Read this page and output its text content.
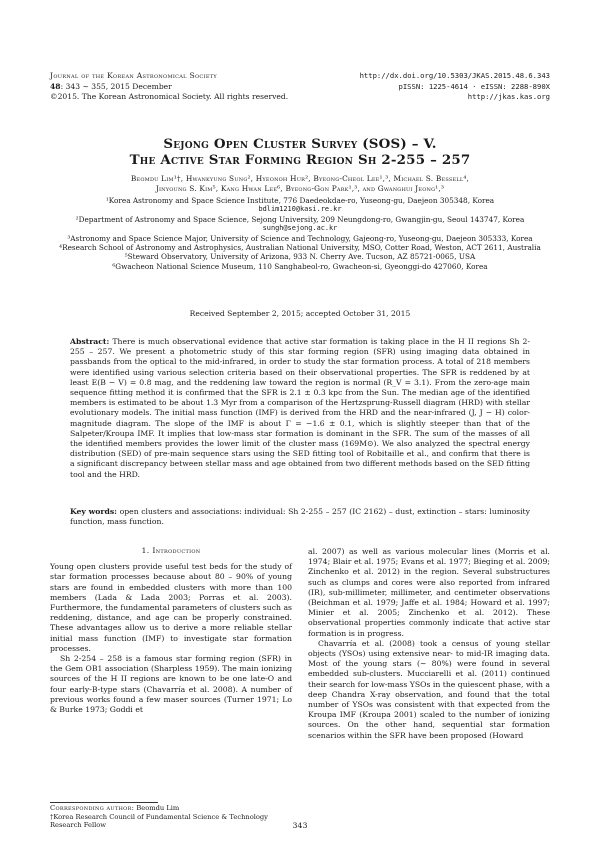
Journal of the Korean Astronomical Society
48: 343 ∼ 355, 2015 December
©2015. The Korean Astronomical Society. All rights reserved.
http://dx.doi.org/10.5303/JKAS.2015.48.6.343
pISSN: 1225-4614 · eISSN: 2288-890X
http://jkas.kas.org
Sejong Open Cluster Survey (SOS) – V.
The Active Star Forming Region Sh 2-255 – 257
Beomdu Lim¹†, Hwankyung Sung², Hyeonoh Hur², Byeong-Cheol Lee¹,³, Michael S. Bessell⁴,
Jinyoung S. Kim⁵, Kang Hwan Lee⁶, Byeong-Gon Park¹,³, and Gwanghui Jeong¹,³
¹Korea Astronomy and Space Science Institute, 776 Daedeokdae-ro, Yuseong-gu, Daejeon 305348, Korea
bdlim1210@kasi.re.kr
²Department of Astronomy and Space Science, Sejong University, 209 Neungdong-ro, Gwangjin-gu, Seoul 143747, Korea
sungh@sejong.ac.kr
³Astronomy and Space Science Major, University of Science and Technology, Gajeong-ro, Yuseong-gu, Daejeon 305333, Korea
⁴Research School of Astronomy and Astrophysics, Australian National University, MSO, Cotter Road, Weston, ACT 2611, Australia
⁵Steward Observatory, University of Arizona, 933 N. Cherry Ave. Tucson, AZ 85721-0065, USA
⁶Gwacheon National Science Museum, 110 Sanghabeol-ro, Gwacheon-si, Gyeonggi-do 427060, Korea
Received September 2, 2015; accepted October 31, 2015
Abstract: There is much observational evidence that active star formation is taking place in the H II regions Sh 2-255 – 257. We present a photometric study of this star forming region (SFR) using imaging data obtained in passbands from the optical to the mid-infrared, in order to study the star formation process. A total of 218 members were identified using various selection criteria based on their observational properties. The SFR is reddened by at least E(B − V) = 0.8 mag, and the reddening law toward the region is normal (R_V = 3.1). From the zero-age main sequence fitting method it is confirmed that the SFR is 2.1 ± 0.3 kpc from the Sun. The median age of the identified members is estimated to be about 1.3 Myr from a comparison of the Hertzsprung-Russell diagram (HRD) with stellar evolutionary models. The initial mass function (IMF) is derived from the HRD and the near-infrared (J, J − H) color-magnitude diagram. The slope of the IMF is about Γ = −1.6 ± 0.1, which is slightly steeper than that of the Salpeter/Kroupa IMF. It implies that low-mass star formation is dominant in the SFR. The sum of the masses of all the identified members provides the lower limit of the cluster mass (169M⊙). We also analyzed the spectral energy distribution (SED) of pre-main sequence stars using the SED fitting tool of Robitaille et al., and confirm that there is a significant discrepancy between stellar mass and age obtained from two different methods based on the SED fitting tool and the HRD.
Key words: open clusters and associations: individual: Sh 2-255 – 257 (IC 2162) – dust, extinction – stars: luminosity function, mass function.
1. Introduction

Young open clusters provide useful test beds for the study of star formation processes because about 80 – 90% of young stars are found in embedded clusters with more than 100 members (Lada & Lada 2003; Porras et al. 2003). Furthermore, the fundamental parameters of clusters such as reddening, distance, and age can be properly constrained. These advantages allow us to derive a more reliable stellar initial mass function (IMF) to investigate star formation processes.

Sh 2-254 – 258 is a famous star forming region (SFR) in the Gem OB1 association (Sharpless 1959). The main ionizing sources of the H II regions are known to be one late-O and four early-B-type stars (Chavarría et al. 2008). A number of previous works found a few maser sources (Turner 1971; Lo & Burke 1973; Goddi et

al. 2007) as well as various molecular lines (Morris et al. 1974; Blair et al. 1975; Evans et al. 1977; Bieging et al. 2009; Zinchenko et al. 2012) in the region. Several substructures such as clumps and cores were also reported from infrared (IR), sub-millimeter, millimeter, and centimeter observations (Beichman et al. 1979; Jaffe et al. 1984; Howard et al. 1997; Minier et al. 2005; Zinchenko et al. 2012). These observational properties commonly indicate that active star formation is in progress.

Chavarría et al. (2008) took a census of young stellar objects (YSOs) using extensive near- to mid-IR imaging data. Most of the young stars (∼ 80%) were found in several embedded sub-clusters. Mucciarelli et al. (2011) continued their search for low-mass YSOs in the quiescent phase, with a deep Chandra X-ray observation, and found that the total number of YSOs was consistent with that expected from the Kroupa IMF (Kroupa 2001) scaled to the number of ionizing sources. On the other hand, sequential star formation scenarios within the SFR have been proposed (Howard

Corresponding author: Beomdu Lim
†Korea Research Council of Fundamental Science & Technology Research Fellow	343
